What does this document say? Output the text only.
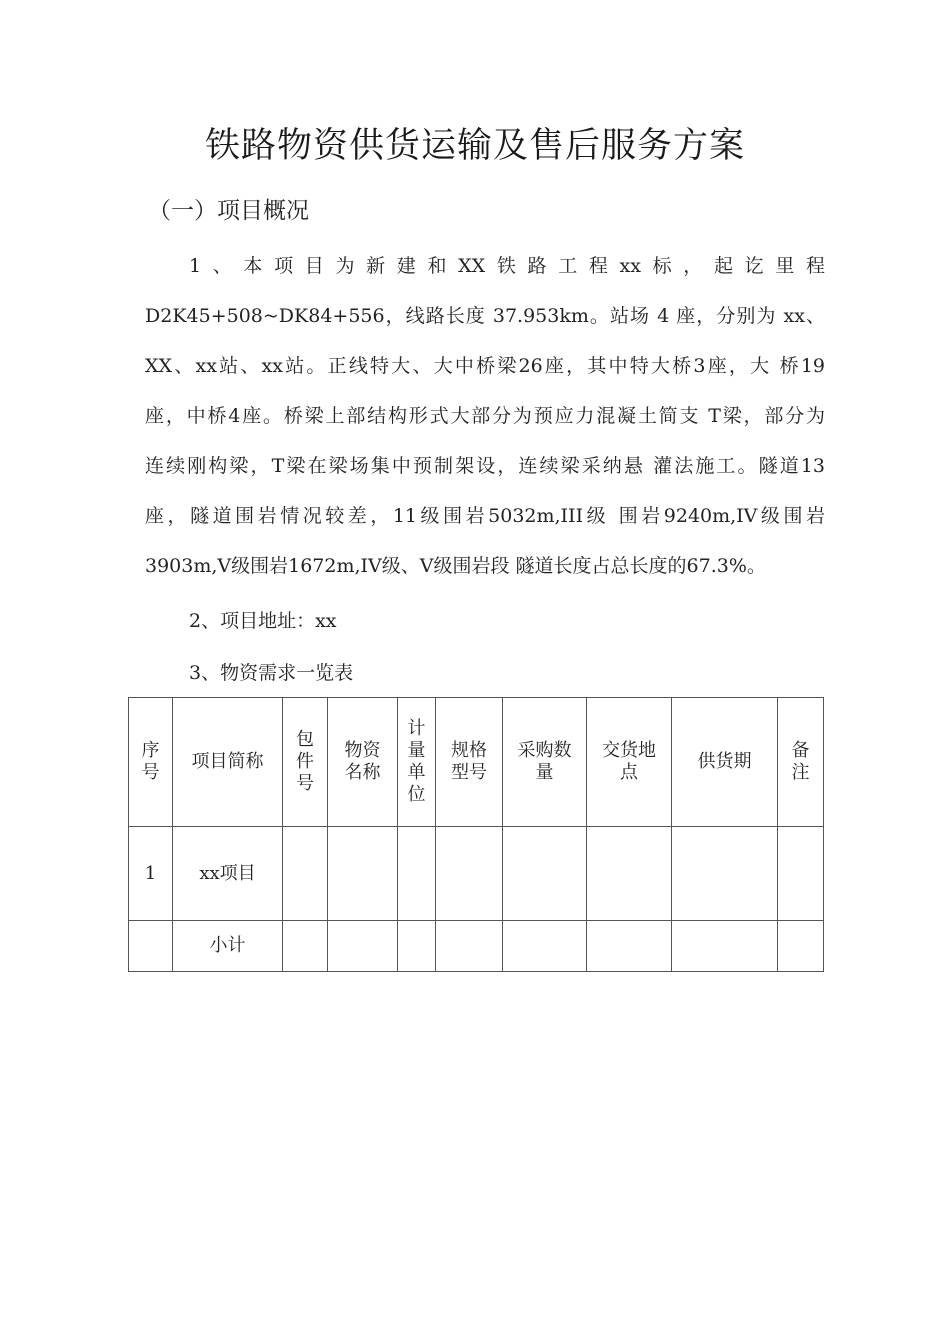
铁路物资供货运输及售后服务方案
（一）项目概况
1、本项目为新建和XX铁路工程xx标，起讫里程
D2K45+508~DK84+556，线路长度 37.953km。站场 4 座，分别为 xx、
XX、xx站、xx站。正线特大、大中桥梁26座，其中特大桥3座，大 桥19
座，中桥4座。桥梁上部结构形式大部分为预应力混凝土简支 T梁，部分为
连续刚构梁，T梁在梁场集中预制架设，连续梁采纳悬 灌法施工。隧道13
座，隧道围岩情况较差，11级围岩5032m,III级 围岩9240m,IV级围岩
3903m,V级围岩1672m,IV级、V级围岩段 隧道长度占总长度的67.3%。

2、项目地址：xx

3、物资需求一览表

序号	项目简称	包件号	物资名称	计量单位	规格型号	采购数量	交货地点	供货期	备注
1	xx项目								
	小计								
